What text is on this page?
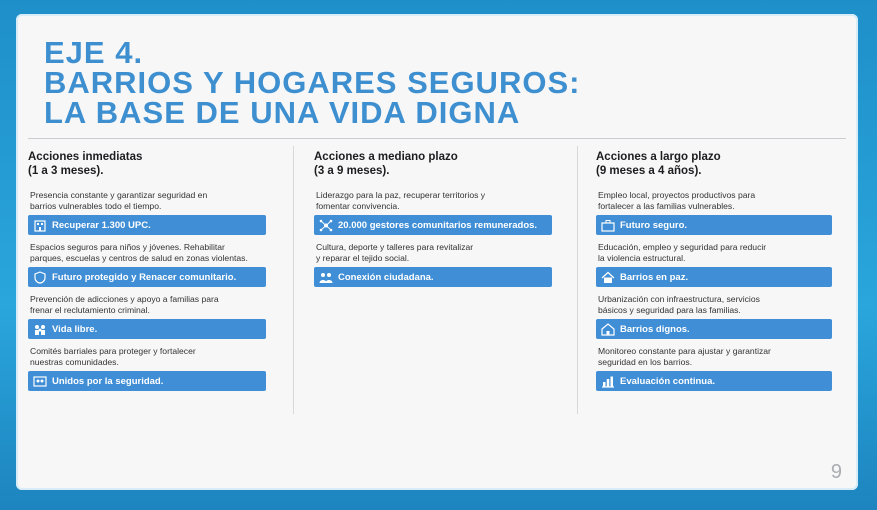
EJE 4.
BARRIOS Y HOGARES SEGUROS:
LA BASE DE UNA VIDA DIGNA

Acciones inmediatas
(1 a 3 meses).

Presencia constante y garantizar seguridad en
barrios vulnerables todo el tiempo.

Recuperar 1.300 UPC.

Espacios seguros para niños y jóvenes. Rehabilitar
parques, escuelas y centros de salud en zonas violentas.

Futuro protegido y Renacer comunitario.

Prevención de adicciones y apoyo a familias para
frenar el reclutamiento criminal.

Vida libre.

Comités barriales para proteger y fortalecer
nuestras comunidades.

Unidos por la seguridad.

Acciones a mediano plazo
(3 a 9 meses).

Liderazgo para la paz, recuperar territorios y
fomentar convivencia.

20.000 gestores comunitarios remunerados.

Cultura, deporte y talleres para revitalizar
y reparar el tejido social.

Conexión ciudadana.

Acciones a largo plazo
(9 meses a 4 años).

Empleo local, proyectos productivos para
fortalecer a las familias vulnerables.

Futuro seguro.

Educación, empleo y seguridad para reducir
la violencia estructural.

Barrios en paz.

Urbanización con infraestructura, servicios
básicos y seguridad para las familias.

Barrios dignos.

Monitoreo constante para ajustar y garantizar
seguridad en los barrios.

Evaluación continua.
9
